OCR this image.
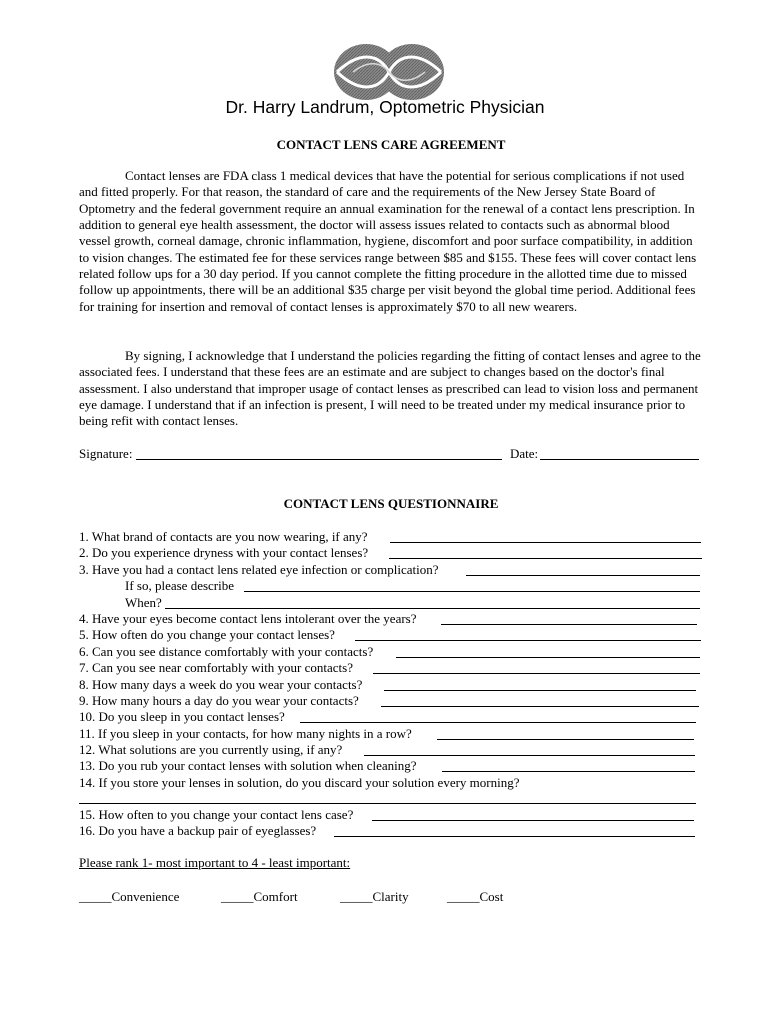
Dr. Harry Landrum, Optometric Physician
CONTACT LENS CARE AGREEMENT
Contact lenses are FDA class 1 medical devices that have the potential for serious complications if not used and fitted properly. For that reason, the standard of care and the requirements of the New Jersey State Board of Optometry and the federal government require an annual examination for the renewal of a contact lens prescription. In addition to general eye health assessment, the doctor will assess issues related to contacts such as abnormal blood vessel growth, corneal damage, chronic inflammation, hygiene, discomfort and poor surface compatibility, in addition to vision changes. The estimated fee for these services range between $85 and $155. These fees will cover contact lens related follow ups for a 30 day period. If you cannot complete the fitting procedure in the allotted time due to missed follow up appointments, there will be an additional $35 charge per visit beyond the global time period. Additional fees for training for insertion and removal of contact lenses is approximately $70 to all new wearers.
By signing, I acknowledge that I understand the policies regarding the fitting of contact lenses and agree to the associated fees. I understand that these fees are an estimate and are subject to changes based on the doctor's final assessment. I also understand that improper usage of contact lenses as prescribed can lead to vision loss and permanent eye damage. I understand that if an infection is present, I will need to be treated under my medical insurance prior to being refit with contact lenses.
Signature:	Date:
CONTACT LENS QUESTIONNAIRE
1. What brand of contacts are you now wearing, if any?
2. Do you experience dryness with your contact lenses?
3. Have you had a contact lens related eye infection or complication?
If so, please describe
When?
4. Have your eyes become contact lens intolerant over the years?
5. How often do you change your contact lenses?
6. Can you see distance comfortably with your contacts?
7. Can you see near comfortably with your contacts?
8. How many days a week do you wear your contacts?
9. How many hours a day do you wear your contacts?
10. Do you sleep in you contact lenses?
11. If you sleep in your contacts, for how many nights in a row?
12. What solutions are you currently using, if any?
13. Do you rub your contact lenses with solution when cleaning?
14. If you store your lenses in solution, do you discard your solution every morning?
15. How often to you change your contact lens case?
16. Do you have a backup pair of eyeglasses?
Please rank 1- most important to 4 - least important:
_____Convenience	_____Comfort	_____Clarity	_____Cost
